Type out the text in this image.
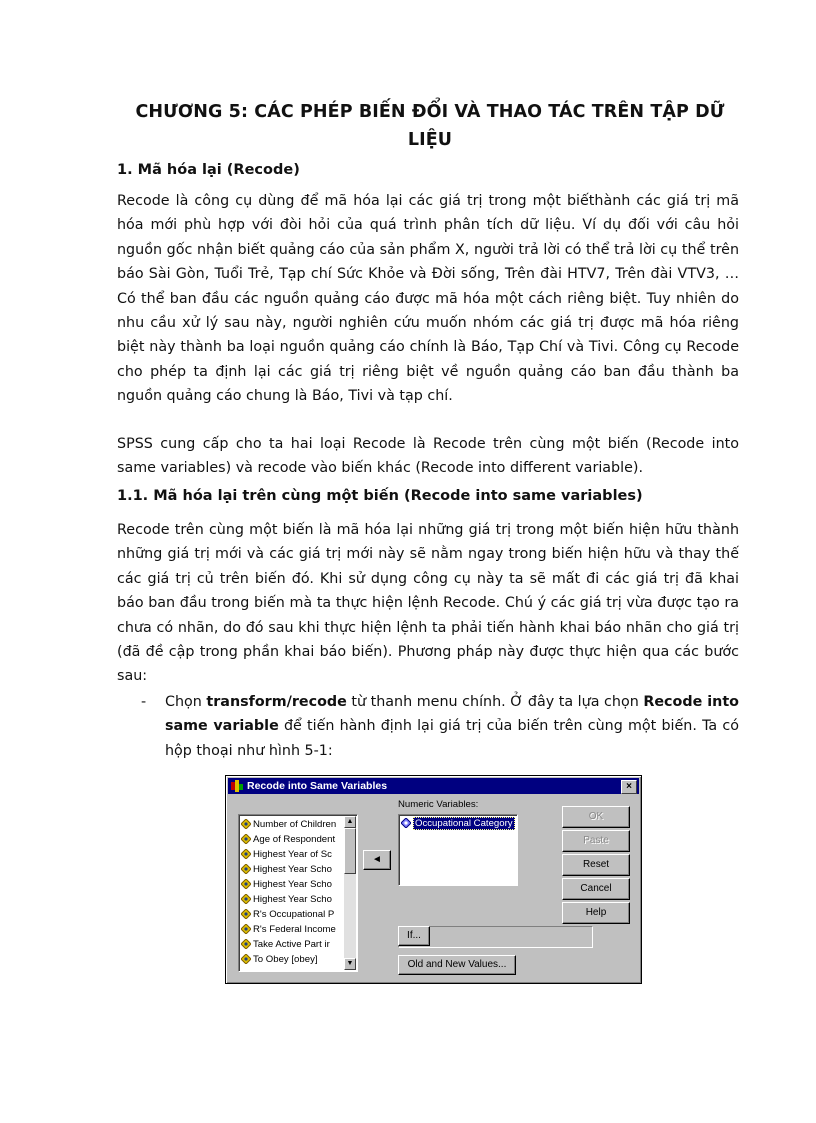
CHƯƠNG 5: CÁC PHÉP BIẾN ĐỔI VÀ THAO TÁC TRÊN TẬP DỮ
LIỆU
1. Mã hóa lại (Recode)

Recode là công cụ dùng để mã hóa lại các giá trị trong một biếthành các giá trị mã hóa mới phù hợp với đòi hỏi của quá trình phân tích dữ liệu. Ví dụ đối với câu hỏi nguồn gốc nhận biết quảng cáo của sản phẩm X, người trả lời có thể trả lời cụ thể trên báo Sài Gòn, Tuổi Trẻ, Tạp chí Sức Khỏe và Đời sống, Trên đài HTV7, Trên đài VTV3, … Có thể ban đầu các nguồn quảng cáo được mã hóa một cách riêng biệt. Tuy nhiên do nhu cầu xử lý sau này, người nghiên cứu muốn nhóm các giá trị được mã hóa riêng biệt này thành ba loại nguồn quảng cáo chính là Báo, Tạp Chí và Tivi. Công cụ Recode cho phép ta định lại các giá trị riêng biệt về nguồn quảng cáo ban đầu thành ba nguồn quảng cáo chung là Báo, Tivi và tạp chí.

SPSS cung cấp cho ta hai loại Recode là Recode trên cùng một biến (Recode into same variables) và recode vào biến khác (Recode into different variable).

1.1. Mã hóa lại trên cùng một biến (Recode into same variables)

Recode trên cùng một biến là mã hóa lại những giá trị trong một biến hiện hữu thành những giá trị mới và các giá trị mới này sẽ nằm ngay trong biến hiện hữu và thay thế các giá trị củ trên biến đó. Khi sử dụng công cụ này ta sẽ mất đi các giá trị đã khai báo ban đầu trong biến mà ta thực hiện lệnh Recode. Chú ý các giá trị vừa được tạo ra chưa có nhãn, do đó sau khi thực hiện lệnh ta phải tiến hành khai báo nhãn cho giá trị (đã đề cập trong phần khai báo biến). Phương pháp này được thực hiện qua các bước sau:

- Chọn transform/recode từ thanh menu chính. Ở đây ta lựa chọn Recode into same variable để tiến hành định lại giá trị của biến trên cùng một biến. Ta có hộp thoại như hình 5-1:
Recode into Same Variables	×
Number of Children
Age of Respondent
Highest Year of Sc
Highest Year Scho
Highest Year Scho
Highest Year Scho
R's Occupational P
R's Federal Income
Take Active Part ir
To Obey [obey]
▲
▼
◄
Numeric Variables:
Occupational Category
OK
Paste
Reset
Cancel
Help
If...
Old and New Values...
